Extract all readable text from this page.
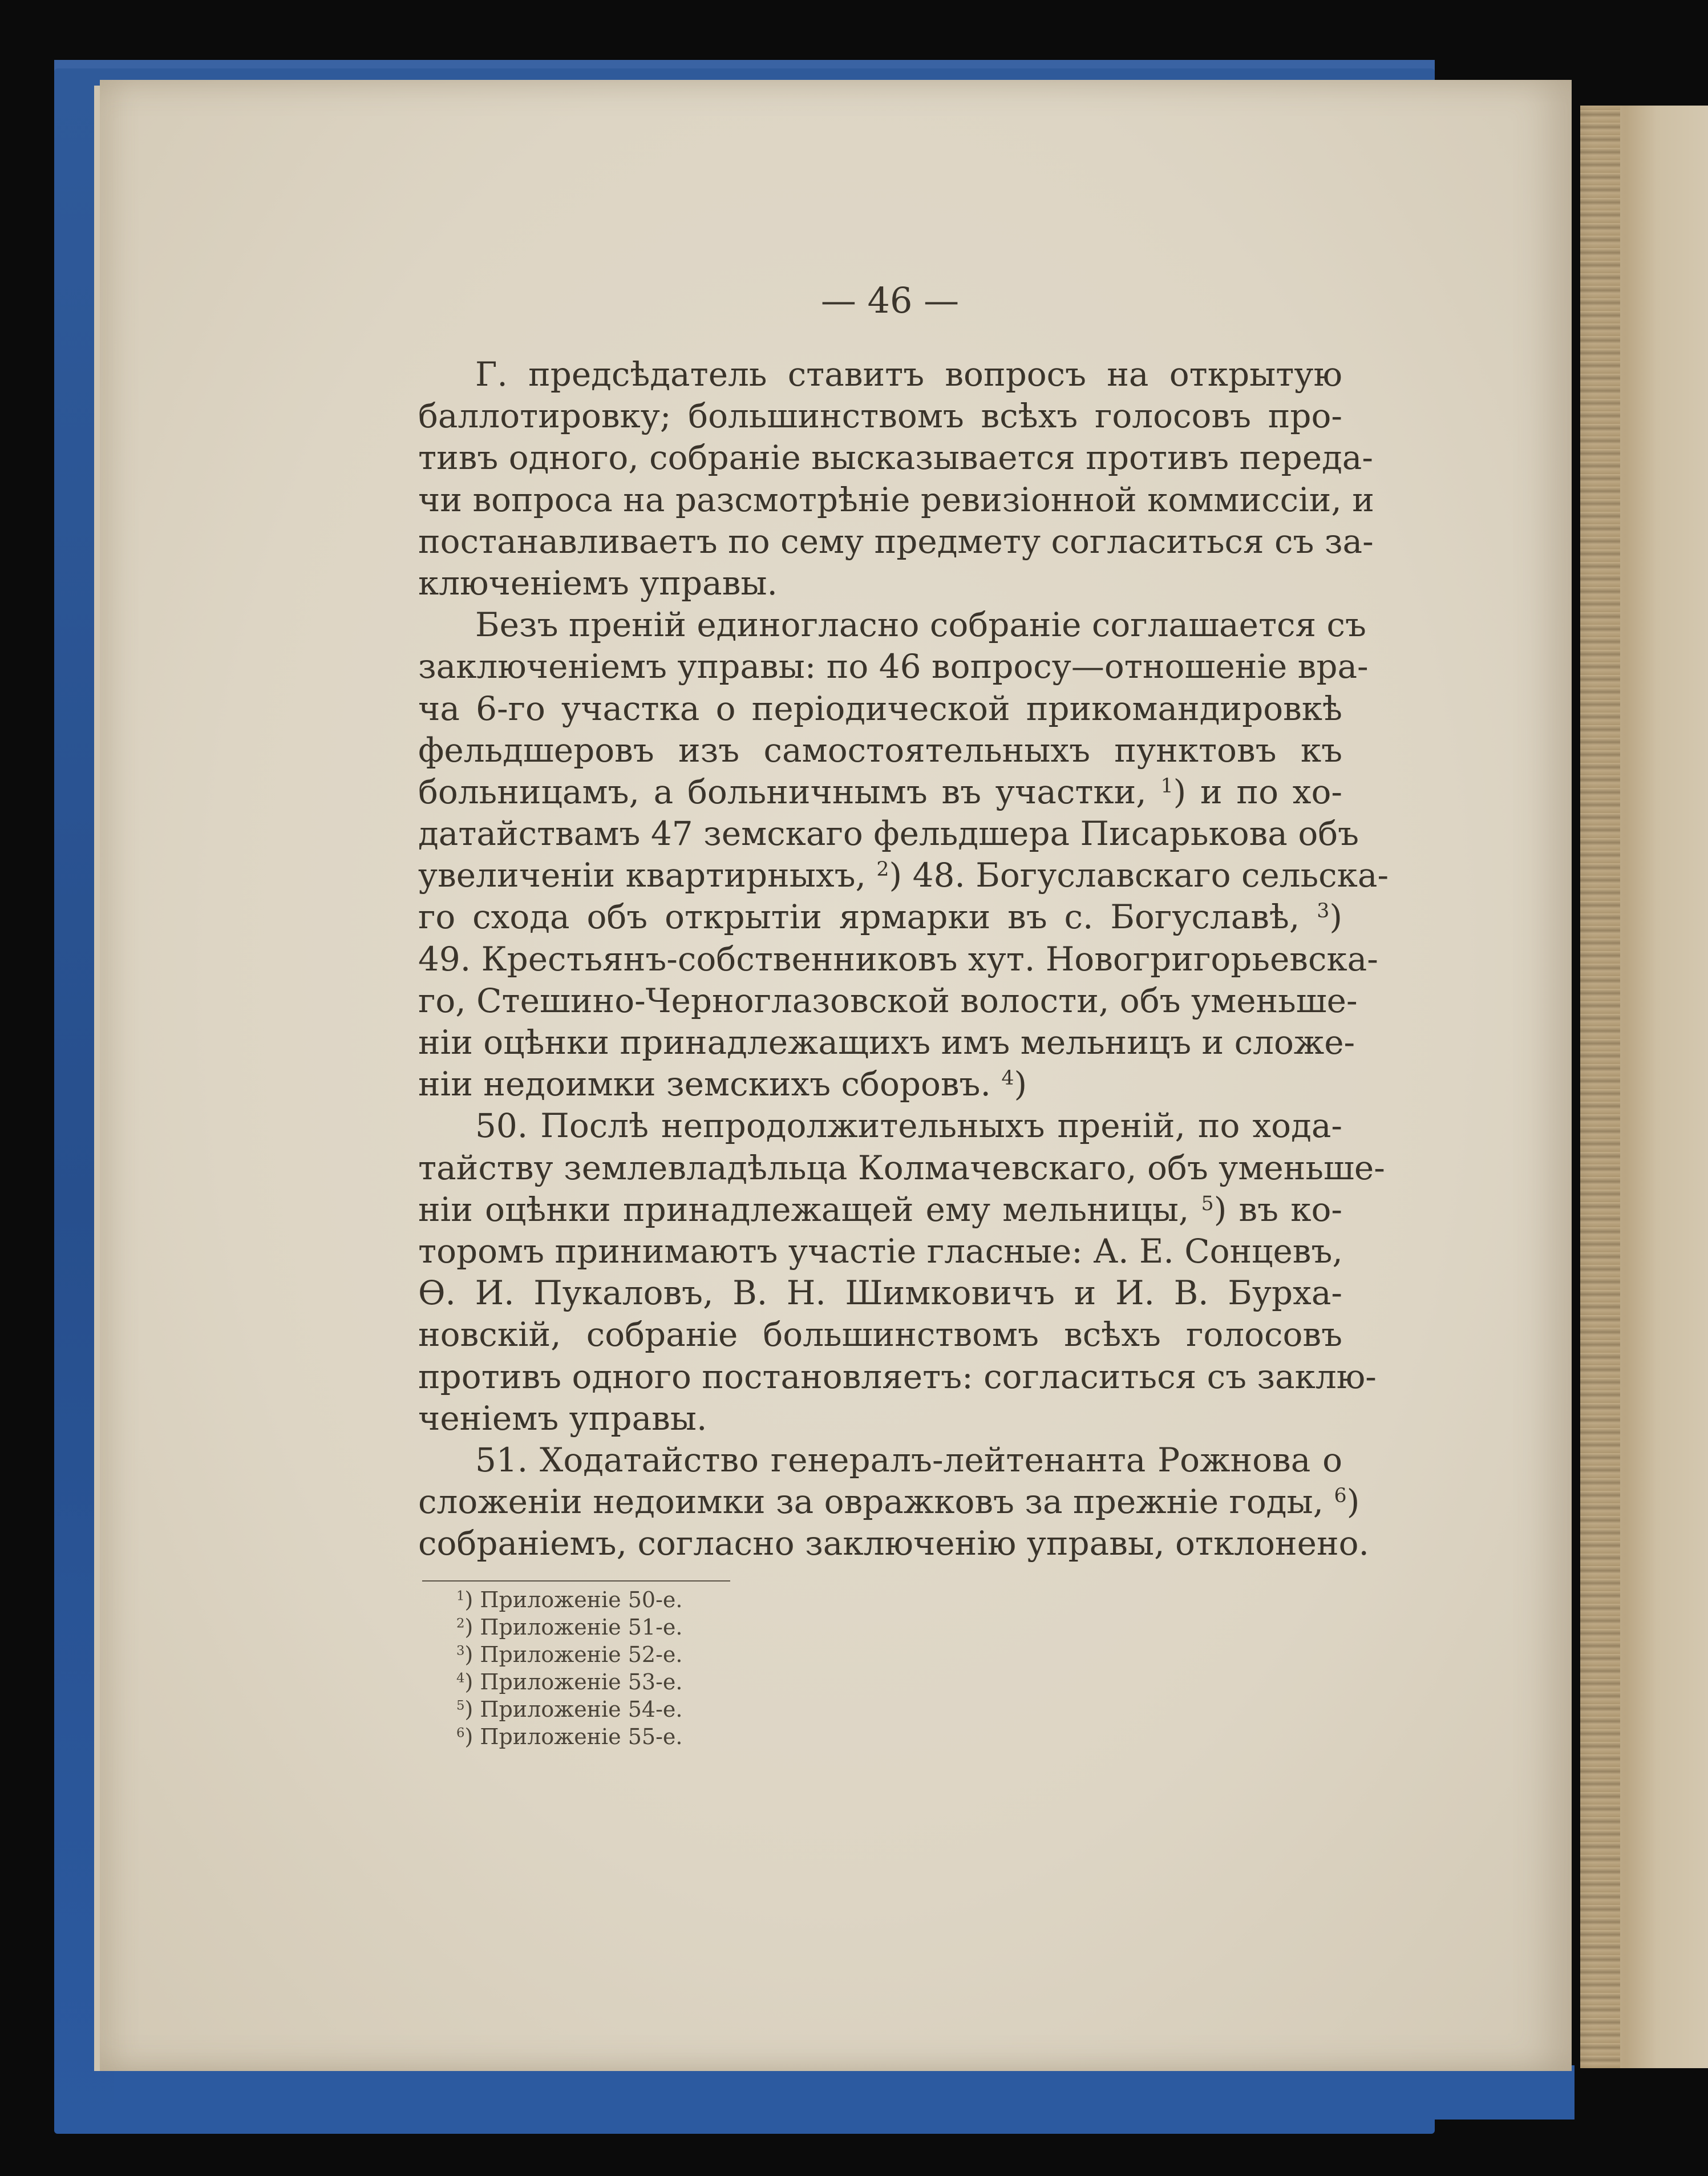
— 46 —
Г. предсѣдатель ставитъ вопросъ на открытую
баллотировку; большинствомъ всѣхъ голосовъ про-
тивъ одного, собраніе высказывается противъ переда-
чи вопроса на разсмотрѣніе ревизіонной коммиссіи, и
постанавливаетъ по сему предмету согласиться съ за-
ключеніемъ управы.
Безъ преній единогласно собраніе соглашается съ
заключеніемъ управы: по 46 вопросу—отношеніе вра-
ча 6-го участка о періодической прикомандировкѣ
фельдшеровъ изъ самостоятельныхъ пунктовъ къ
больницамъ, а больничнымъ въ участки, $^1$) и по хо-
датайствамъ 47 земскаго фельдшера Писарькова объ
увеличеніи квартирныхъ, $^2$) 48. Богуславскаго сельска-
го схода объ открытіи ярмарки въ с. Богуславѣ, $^3$)
49. Крестьянъ-собственниковъ хут. Новогригорьевска-
го, Стешино-Черноглазовской волости, объ уменьше-
ніи оцѣнки принадлежащихъ имъ мельницъ и сложе-
ніи недоимки земскихъ сборовъ. $^4$)
50. Послѣ непродолжительныхъ преній, по хода-
тайству землевладѣльца Колмачевскаго, объ уменьше-
ніи оцѣнки принадлежащей ему мельницы, $^5$) въ ко-
торомъ принимаютъ участіе гласные: А. Е. Сонцевъ,
Ѳ. И. Пукаловъ, В. Н. Шимковичъ и И. В. Бурха-
новскій, собраніе большинствомъ всѣхъ голосовъ
противъ одного постановляетъ: согласиться съ заклю-
ченіемъ управы.
51. Ходатайство генералъ-лейтенанта Рожнова о
сложеніи недоимки за овражковъ за прежніе годы, $^6$
собраніемъ, согласно заключенію управы, отклонено.
$^1$) Приложеніе 50-е.
$^2$) Приложеніе 51-е.
$^3$) Приложеніе 52-е.
$^4$) Приложеніе 53-е.
$^5$) Приложеніе 54-е.
$^6$) Приложеніе 55-е.
